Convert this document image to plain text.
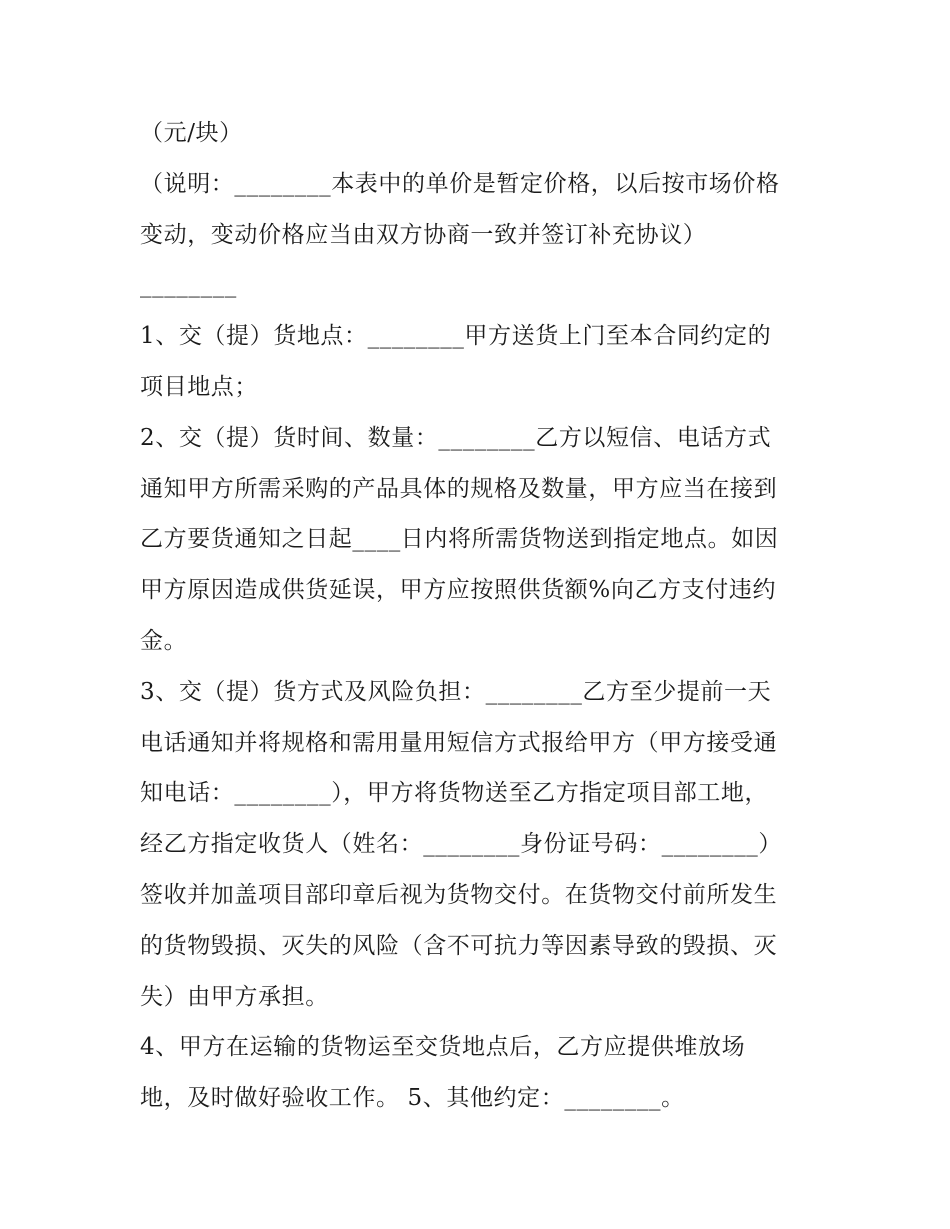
（元/块）
（说明：________本表中的单价是暂定价格，以后按市场价格
变动，变动价格应当由双方协商一致并签订补充协议）
________
1、交（提）货地点：________甲方送货上门至本合同约定的
项目地点；
2、交（提）货时间、数量：________乙方以短信、电话方式
通知甲方所需采购的产品具体的规格及数量，甲方应当在接到
乙方要货通知之日起____日内将所需货物送到指定地点。如因
甲方原因造成供货延误，甲方应按照供货额%向乙方支付违约
金。
3、交（提）货方式及风险负担：________乙方至少提前一天
电话通知并将规格和需用量用短信方式报给甲方（甲方接受通
知电话：________），甲方将货物送至乙方指定项目部工地，
经乙方指定收货人（姓名：________身份证号码：________）
签收并加盖项目部印章后视为货物交付。在货物交付前所发生
的货物毁损、灭失的风险（含不可抗力等因素导致的毁损、灭
失）由甲方承担。
4、甲方在运输的货物运至交货地点后，乙方应提供堆放场
地，及时做好验收工作。 5、其他约定：________。
